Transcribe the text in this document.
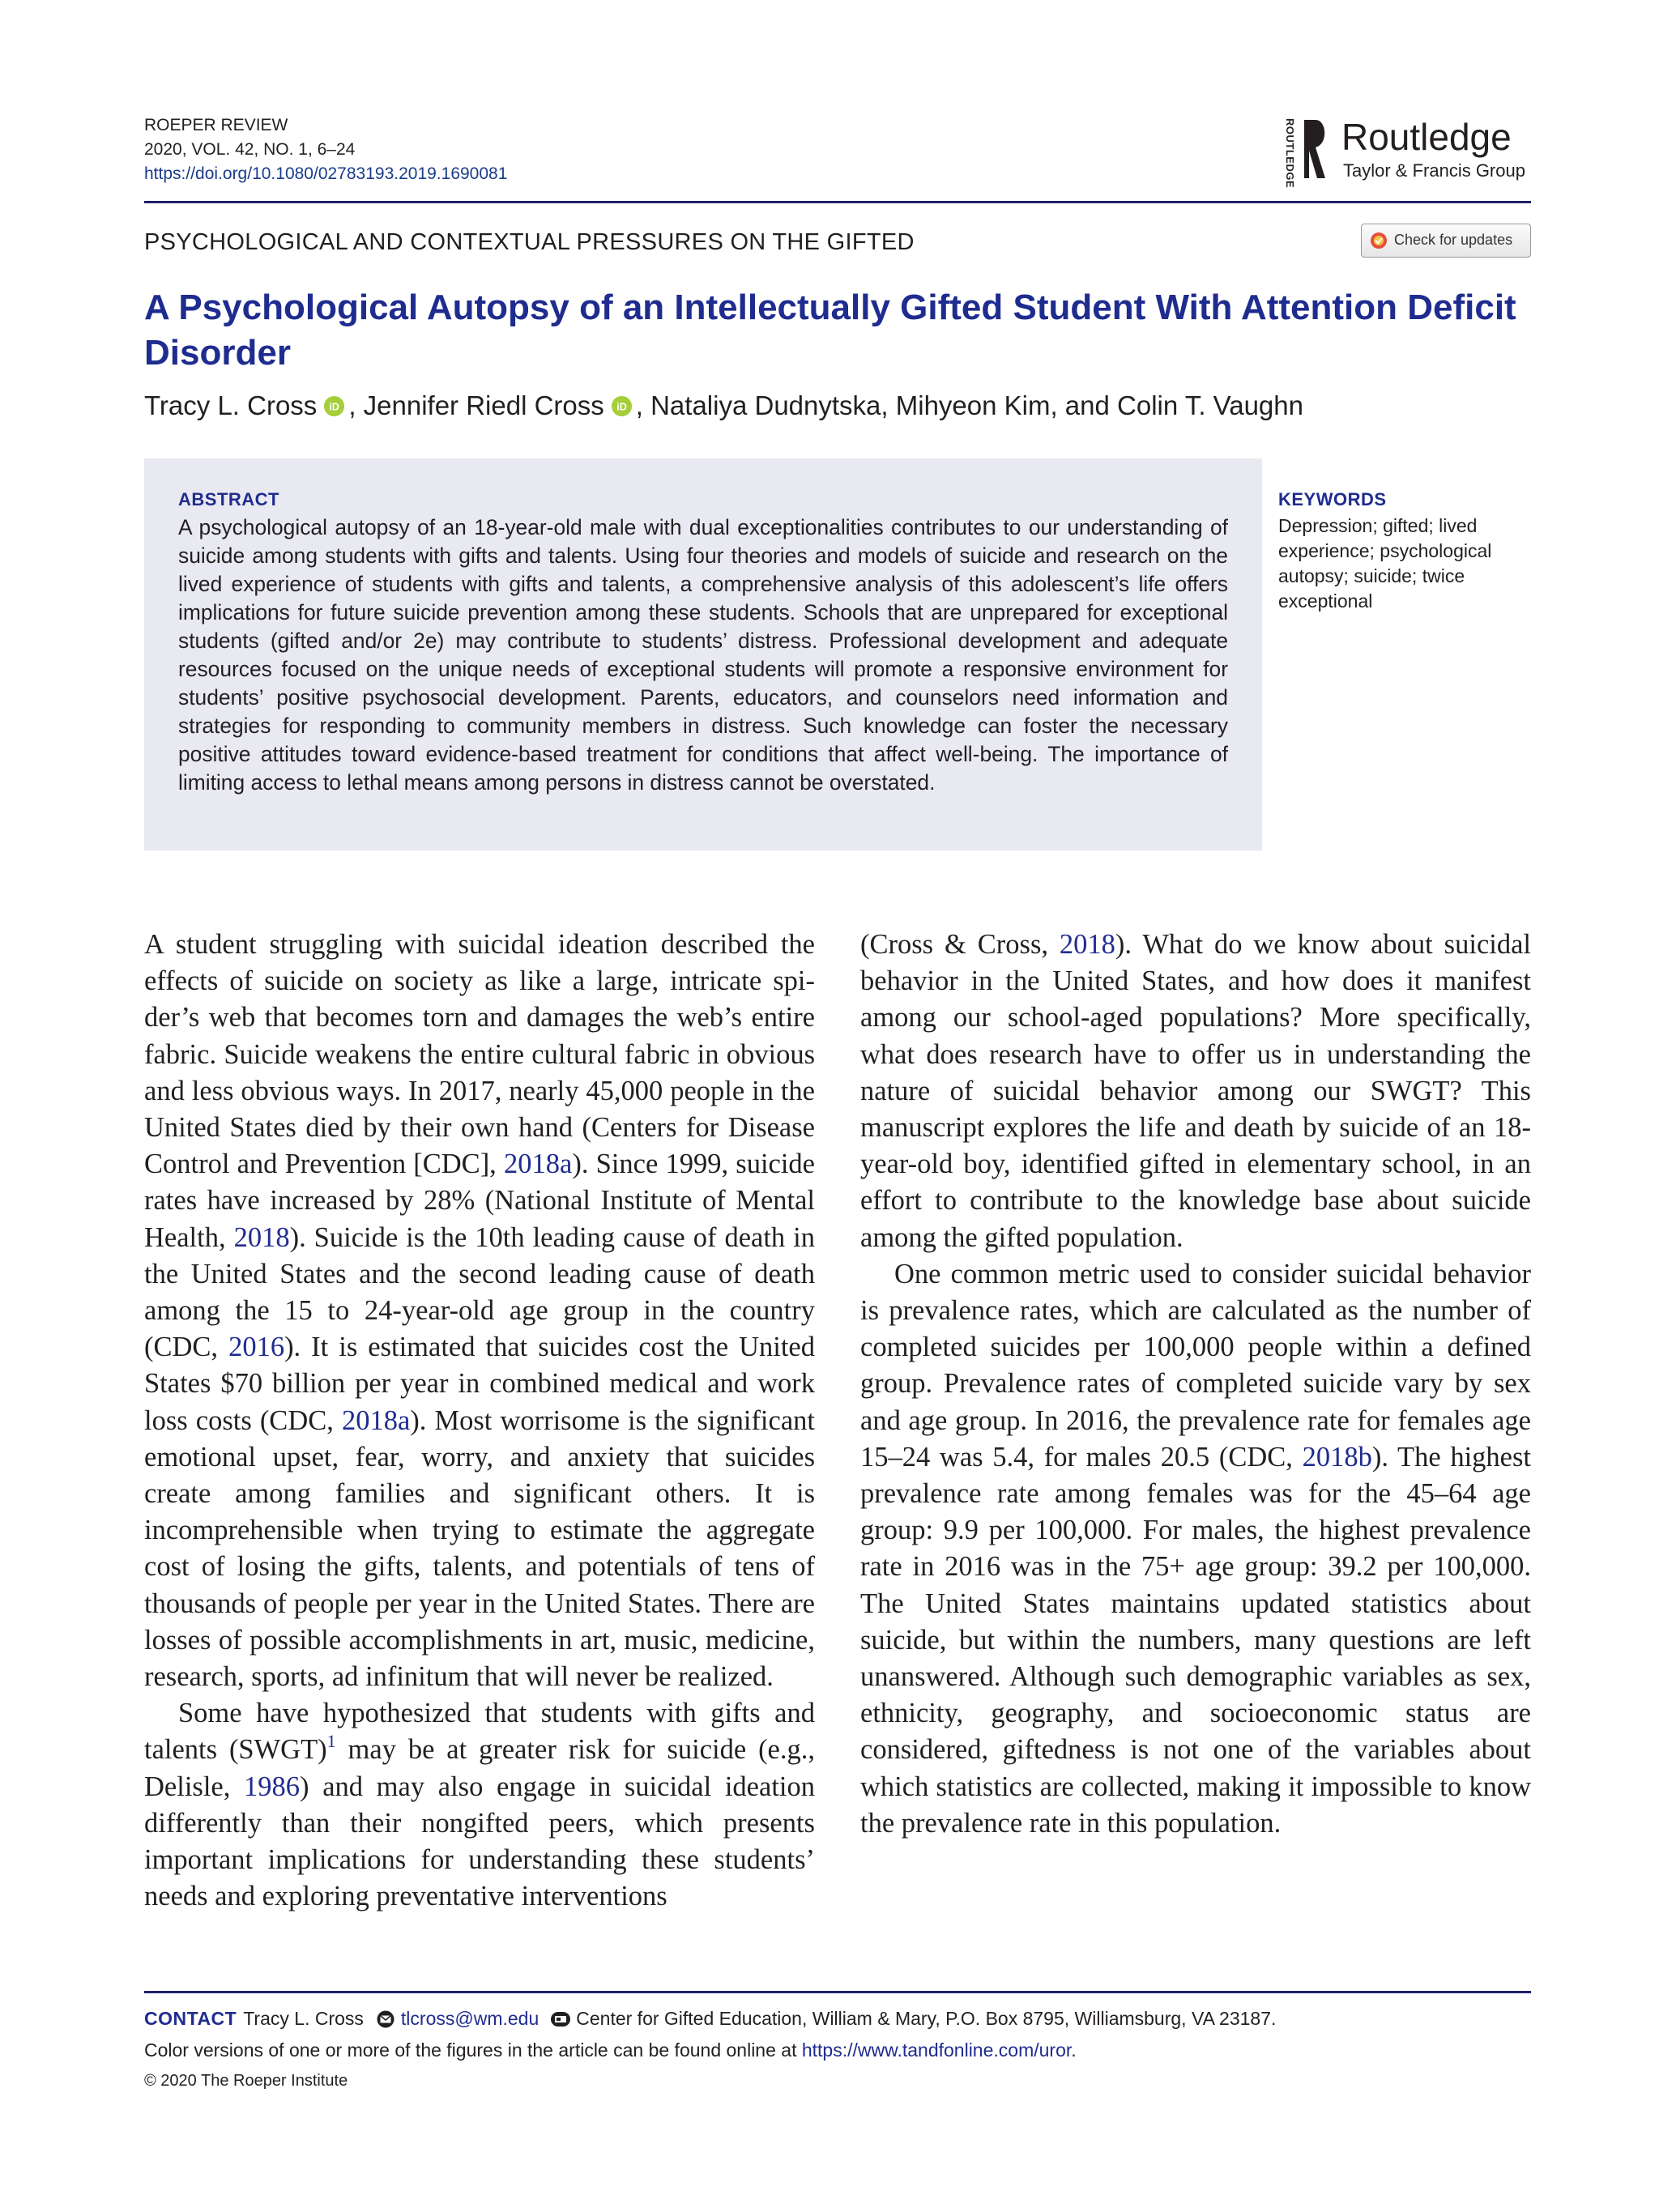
ROEPER REVIEW
2020, VOL. 42, NO. 1, 6–24
https://doi.org/10.1080/02783193.2019.1690081	ROUTLEDGE Routledge
Taylor & Francis Group
PSYCHOLOGICAL AND CONTEXTUAL PRESSURES ON THE GIFTED	Check for updates
A Psychological Autopsy of an Intellectually Gifted Student With Attention Deficit Disorder
Tracy L. Cross iD , Jennifer Riedl Cross iD , Nataliya Dudnytska, Mihyeon Kim, and Colin T. Vaughn
ABSTRACT
A psychological autopsy of an 18-year-old male with dual exceptionalities contributes to our understanding of suicide among students with gifts and talents. Using four theories and models of suicide and research on the lived experience of students with gifts and talents, a comprehensive analysis of this adolescent’s life offers implications for future suicide prevention among these students. Schools that are unprepared for exceptional students (gifted and/or 2e) may contribute to students’ distress. Professional development and adequate resources focused on the unique needs of exceptional students will promote a responsive environment for students’ positive psychosocial development. Parents, educators, and counselors need information and strategies for responding to community members in distress. Such knowledge can foster the necessary positive attitudes toward evidence-based treatment for conditions that affect well-being. The importance of limiting access to lethal means among persons in distress cannot be overstated.
KEYWORDS
Depression; gifted; lived experience; psychological autopsy; suicide; twice exceptional

A student struggling with suicidal ideation described the effects of suicide on society as like a large, intricate spider’s web that becomes torn and damages the web’s entire fabric. Suicide weakens the entire cultural fabric in obvious and less obvious ways. In 2017, nearly 45,000 people in the United States died by their own hand (Centers for Disease Control and Prevention [CDC], 2018a). Since 1999, suicide rates have increased by 28% (National Institute of Mental Health, 2018). Suicide is the 10th leading cause of death in the United States and the second leading cause of death among the 15 to 24-year-old age group in the country (CDC, 2016). It is estimated that suicides cost the United States $70 billion per year in combined medical and work loss costs (CDC, 2018a). Most worrisome is the significant emotional upset, fear, worry, and anxiety that suicides create among families and significant others. It is incomprehensible when trying to estimate the aggregate cost of losing the gifts, talents, and potentials of tens of thousands of people per year in the United States. There are losses of possible accomplishments in art, music, medicine, research, sports, ad infinitum that will never be realized.

Some have hypothesized that students with gifts and talents (SWGT)$^1$ may be at greater risk for suicide (e.g., Delisle, 1986) and may also engage in suicidal ideation differently than their nongifted peers, which presents important implications for understanding these students’ needs and exploring preventative interventions

(Cross & Cross, 2018). What do we know about suicidal behavior in the United States, and how does it manifest among our school-aged populations? More specifically, what does research have to offer us in understanding the nature of suicidal behavior among our SWGT? This manuscript explores the life and death by suicide of an 18-year-old boy, identified gifted in elementary school, in an effort to contribute to the knowledge base about suicide among the gifted population.

One common metric used to consider suicidal behavior is prevalence rates, which are calculated as the number of completed suicides per 100,000 people within a defined group. Prevalence rates of completed suicide vary by sex and age group. In 2016, the prevalence rate for females age 15–24 was 5.4, for males 20.5 (CDC, 2018b). The highest prevalence rate among females was for the 45–64 age group: 9.9 per 100,000. For males, the highest prevalence rate in 2016 was in the 75+ age group: 39.2 per 100,000. The United States maintains updated statistics about suicide, but within the numbers, many questions are left unanswered. Although such demographic variables as sex, ethnicity, geography, and socioeconomic status are considered, giftedness is not one of the variables about which statistics are collected, making it impossible to know the prevalence rate in this population.

CONTACT Tracy L. Cross tlcross@wm.edu Center for Gifted Education, William & Mary, P.O. Box 8795, Williamsburg, VA 23187.
Color versions of one or more of the figures in the article can be found online at https://www.tandfonline.com/uror.
© 2020 The Roeper Institute
